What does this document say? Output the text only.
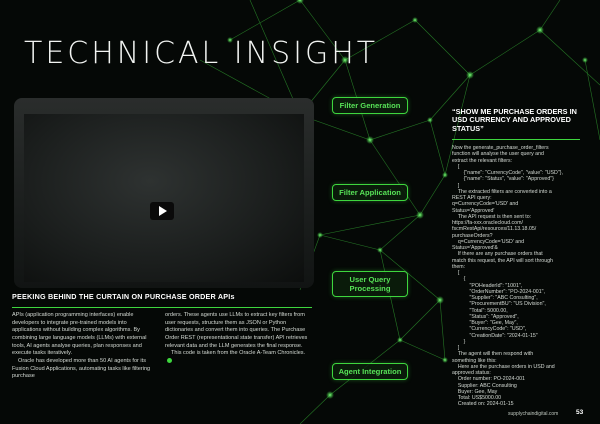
TECHNICAL INSIGHT
PEEKING BEHIND THE CURTAIN ON PURCHASE ORDER APIs

APIs (application programming interfaces) enable developers to integrate pre-trained models into applications without building complex algorithms. By combining large language models (LLMs) with external tools, AI agents analyse queries, plan responses and execute tasks iteratively.

Oracle has developed more than 50 AI agents for its Fusion Cloud Applications, automating tasks like filtering purchase

orders. These agents use LLMs to extract key filters from user requests, structure them as JSON or Python dictionaries and convert them into queries. The Purchase Order REST (representational state transfer) API retrieves relevant data and the LLM generates the final response.

This code is taken from the Oracle A-Team Chronicles.

Filter Generation
Filter Application
User Query Processing
Agent Integration
“SHOW ME PURCHASE ORDERS IN USD CURRENCY AND APPROVED STATUS”
Now the generate_purchase_order_filters
function will analyse the user query and
extract the relevant filters:
[
{"name": "CurrencyCode", "value": "USD"},
{"name": "Status", "value": "Approved"}
]
The extracted filters are converted into a
REST API query:
q=CurrencyCode='USD' and
Status='Approved'
The API request is then sent to:
https://fa-xxx.oraclecloud.com/
fscmRestApi/resources/11.13.18.05/
purchaseOrders?
q=CurrencyCode='USD' and
Status='Approved'&
If there are any purchase orders that
match this request, the API will sort through
them:
[
{
"POHeaderId": "1001",
"OrderNumber": "PO-2024-001",
"Supplier": "ABC Consulting",
"ProcurementBU": "US Division",
"Total": 5000.00,
"Status": "Approved",
"Buyer": "Gee, May",
"CurrencyCode": "USD",
"CreationDate": "2024-01-15"
}
]
The agent will then respond with
something like this:
Here are the purchase orders in USD and
approved status:
Order number: PO-2024-001
Supplier: ABC Consulting
Buyer: Gee, May
Total: US$5000.00
Created on: 2024-01-15
supplychaindigital.com	53
